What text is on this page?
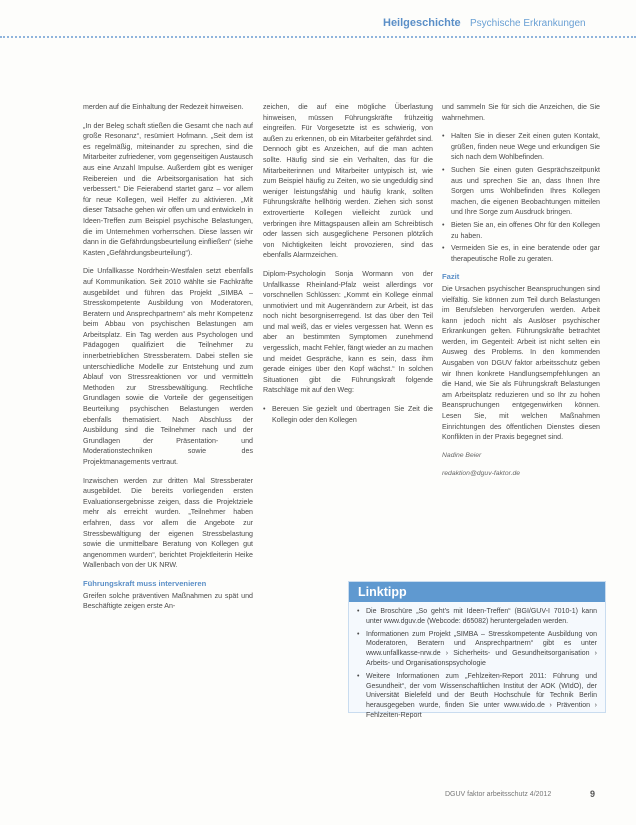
Heilgeschichte Psychische Erkrankungen

merden auf die Einhaltung der Redezeit hinweisen.

„In der Beleg schaft stießen die Gesamt che nach auf große Resonanz“, resümiert Hofmann. „Seit dem ist es regelmäßig, miteinander zu sprechen, sind die Mitarbeiter zufriedener, vom gegenseitigen Austausch aus eine Anzahl Impulse. Außerdem gibt es weniger Reibereien und die Arbeitsorganisation hat sich verbessert.“ Die Feierabend startet ganz – vor allem für neue Kollegen, weil Helfer zu aktivieren. „Mit dieser Tatsache gehen wir offen um und entwickeln in Ideen-Treffen zum Beispiel psychische Belastungen, die im Unternehmen vorherrschen. Diese lassen wir dann in die Gefährdungsbeurteilung einfließen“ (siehe Kasten „Gefährdungsbeurteilung“).

Die Unfallkasse Nordrhein-Westfalen setzt ebenfalls auf Kommunikation. Seit 2010 wählte sie Fachkräfte ausgebildet und führen das Projekt „SIMBA – Stresskompetente Ausbildung von Moderatoren, Beratern und Ansprechpartnern“ als mehr Kompetenz beim Abbau von psychischen Belastungen am Arbeitsplatz. Ein Tag werden aus Psychologen und Pädagogen qualifiziert die Teilnehmer zu innerbetrieblichen Stressberatern. Dabei stellen sie unterschiedliche Modelle zur Entstehung und zum Ablauf von Stressreaktionen vor und vermitteln Methoden zur Stressbewältigung. Rechtliche Grundlagen sowie die Vorteile der gegenseitigen Beurteilung psychischen Belastungen werden ebenfalls thematisiert. Nach Abschluss der Ausbildung sind die Teilnehmer nach und der Grundlagen der Präsentation- und Moderationstechniken sowie des Projektmanagements vertraut.

Inzwischen werden zur dritten Mal Stressberater ausgebildet. Die bereits vorliegenden ersten Evaluationsergebnisse zeigen, dass die Projektziele mehr als erreicht wurden. „Teilnehmer haben erfahren, dass vor allem die Angebote zur Stressbewältigung der eigenen Stressbelastung sowie die unmittelbare Beratung von Kollegen gut angenommen wurden“, berichtet Projektleiterin Heike Wallenbach von der UK NRW.

Führungskraft muss intervenieren

Greifen solche präventiven Maßnahmen zu spät und Beschäftigte zeigen erste An-

zeichen, die auf eine mögliche Überlastung hinweisen, müssen Führungskräfte frühzeitig eingreifen. Für Vorgesetzte ist es schwierig, von außen zu erkennen, ob ein Mitarbeiter gefährdet sind. Dennoch gibt es Anzeichen, auf die man achten sollte. Häufig sind sie ein Verhalten, das für die Mitarbeiterinnen und Mitarbeiter untypisch ist, wie zum Beispiel häufig zu Zeiten, wo sie ungeduldig sind weniger leistungsfähig und häufig krank, sollten Führungskräfte hellhörig werden. Ziehen sich sonst extrovertierte Kollegen vielleicht zurück und verbringen ihre Mittagspausen allein am Schreibtisch oder lassen sich ausgeglichene Personen plötzlich von Nichtigkeiten leicht provozieren, sind das ebenfalls Alarmzeichen.

Diplom-Psychologin Sonja Wormann von der Unfallkasse Rheinland-Pfalz weist allerdings vor vorschnellen Schlüssen: „Kommt ein Kollege einmal unmotiviert und mit Augenrändern zur Arbeit, ist das noch nicht besorgniserregend. Ist das über den Teil und mal weiß, das er vieles vergessen hat. Wenn es aber an bestimmten Symptomen zunehmend vergesslich, macht Fehler, fängt wieder an zu machen und meidet Gespräche, kann es sein, dass ihm gerade einiges über den Kopf wächst.“ In solchen Situationen gibt die Führungskraft folgende Ratschläge mit auf den Weg:

• Bereuen Sie gezielt und übertragen Sie Zeit die Kollegin oder den Kollegen

und sammeln Sie für sich die Anzeichen, die Sie wahrnehmen.

• Halten Sie in dieser Zeit einen guten Kontakt, grüßen, finden neue Wege und erkundigen Sie sich nach dem Wohlbefinden.
• Suchen Sie einen guten Gesprächszeitpunkt aus und sprechen Sie an, dass Ihnen Ihre Sorgen ums Wohlbefinden Ihres Kollegen machen, die eigenen Beobachtungen mitteilen und Ihre Sorge zum Ausdruck bringen.
• Bieten Sie an, ein offenes Ohr für den Kollegen zu haben.
• Vermeiden Sie es, in eine beratende oder gar therapeutische Rolle zu geraten.
Fazit

Die Ursachen psychischer Beanspruchungen sind vielfältig. Sie können zum Teil durch Belastungen im Berufsleben hervorgerufen werden. Arbeit kann jedoch nicht als Auslöser psychischer Erkrankungen gelten. Führungskräfte betrachtet werden, im Gegenteil: Arbeit ist nicht selten ein Ausweg des Problems. In den kommenden Ausgaben von DGUV faktor arbeitsschutz geben wir Ihnen konkrete Handlungsempfehlungen an die Hand, wie Sie als Führungskraft Belastungen am Arbeitsplatz reduzieren und so Ihr zu hohen Beanspruchungen entgegenwirken können. Lesen Sie, mit welchen Maßnahmen Einrichtungen des öffentlichen Dienstes diesen Konflikten in der Praxis begegnet sind.

Nadine Beier

redaktion@dguv-faktor.de

Linktipp
• Die Broschüre „So geht’s mit Ideen-Treffen“ (BGI/GUV-I 7010-1) kann unter www.dguv.de (Webcode: d65082) heruntergeladen werden.
• Informationen zum Projekt „SIMBA – Stresskompetente Ausbildung von Moderatoren, Beratern und Ansprechpartnern“ gibt es unter www.unfallkasse-nrw.de › Sicherheits- und Gesundheitsorganisation › Arbeits- und Organisationspsychologie
• Weitere Informationen zum „Fehlzeiten-Report 2011: Führung und Gesundheit“, der vom Wissenschaftlichen Institut der AOK (WIdO), der Universität Bielefeld und der Beuth Hochschule für Technik Berlin herausgegeben wurde, finden Sie unter www.wido.de › Prävention › Fehlzeiten-Report
DGUV faktor arbeitsschutz 4/2012	9
